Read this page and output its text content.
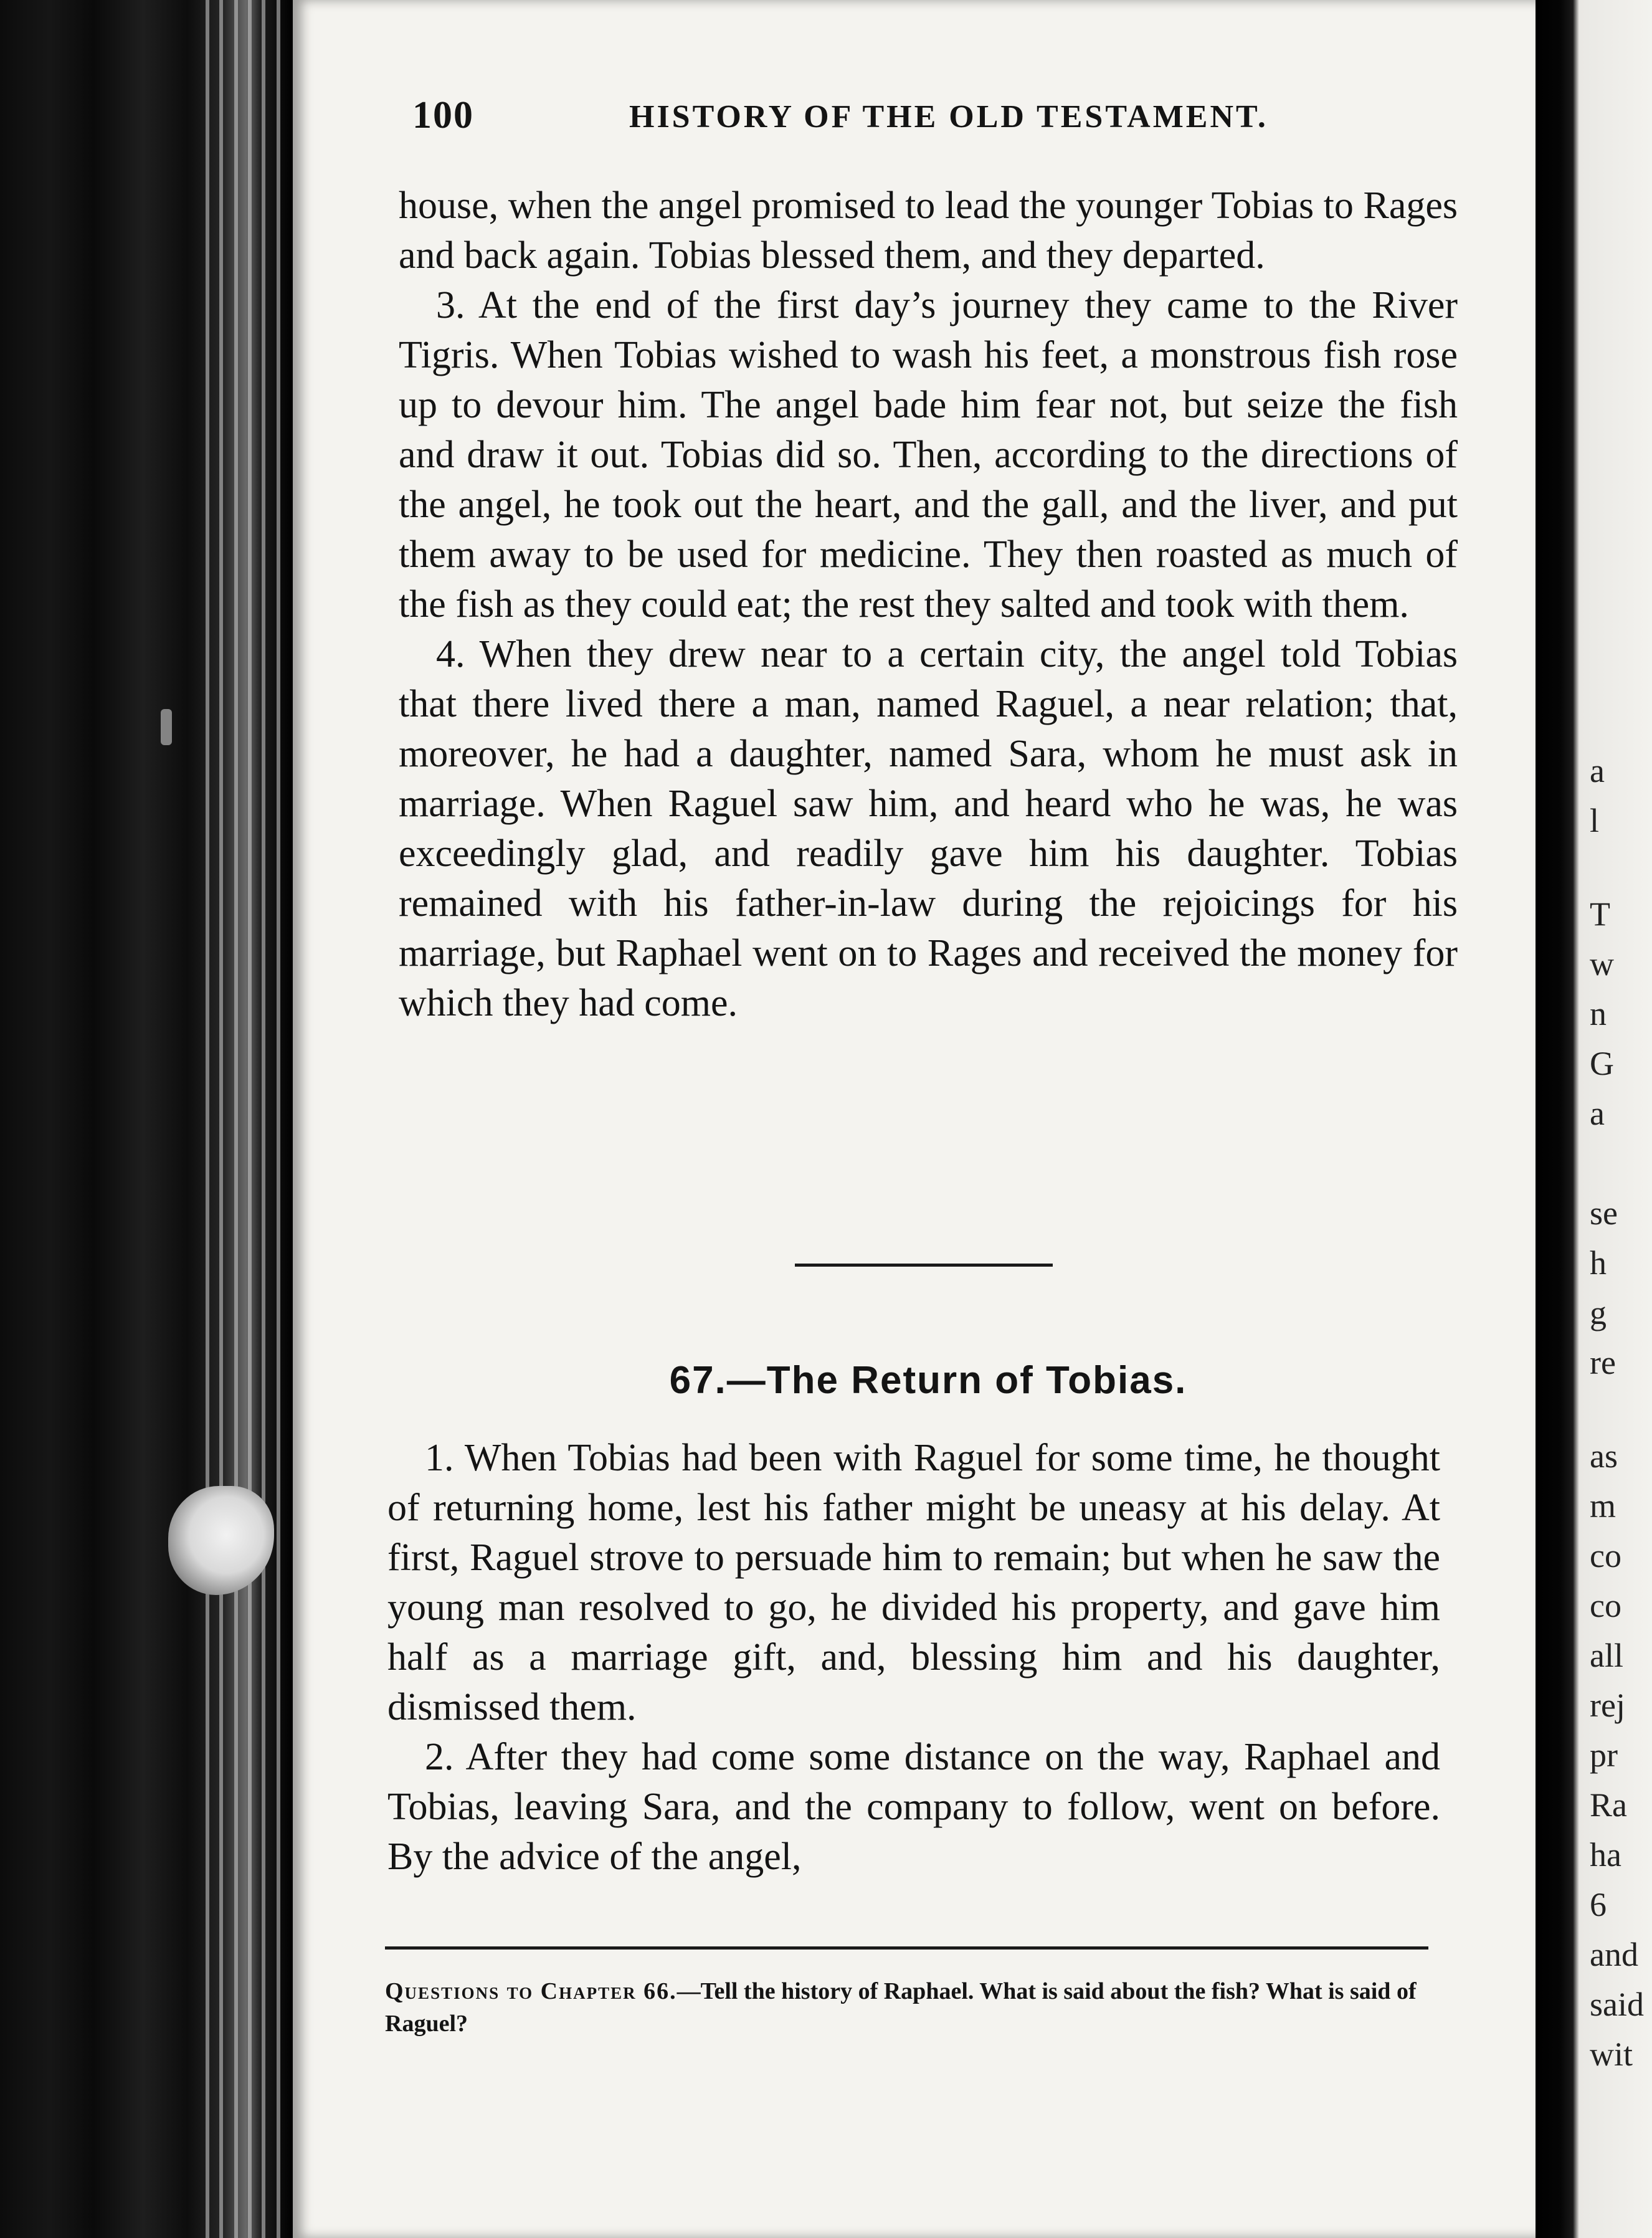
100	HISTORY OF THE OLD TESTAMENT.

house, when the angel promised to lead the younger Tobias to Rages and back again. Tobias blessed them, and they departed.

3. At the end of the first day’s journey they came to the River Tigris. When Tobias wished to wash his feet, a monstrous fish rose up to devour him. The angel bade him fear not, but seize the fish and draw it out. Tobias did so. Then, according to the directions of the angel, he took out the heart, and the gall, and the liver, and put them away to be used for medicine. They then roasted as much of the fish as they could eat; the rest they salted and took with them.

4. When they drew near to a certain city, the angel told Tobias that there lived there a man, named Raguel, a near relation; that, moreover, he had a daughter, named Sara, whom he must ask in marriage. When Raguel saw him, and heard who he was, he was exceedingly glad, and readily gave him his daughter. Tobias remained with his father-in-law during the rejoicings for his marriage, but Raphael went on to Rages and received the money for which they had come.

67.—The Return of Tobias.

1. When Tobias had been with Raguel for some time, he thought of returning home, lest his father might be uneasy at his delay. At first, Raguel strove to persuade him to remain; but when he saw the young man resolved to go, he divided his property, and gave him half as a marriage gift, and, blessing him and his daughter, dismissed them.

2. After they had come some distance on the way, Raphael and Tobias, leaving Sara, and the company to follow, went on before. By the advice of the angel,

Questions to Chapter 66.—Tell the history of Raphael. What is said about the fish? What is said of Raguel?
a
l
T
w
n
G
a
se
h
g
re
as
m
co
co
all
rej
pr
Ra
ha
6
and
said
wit
